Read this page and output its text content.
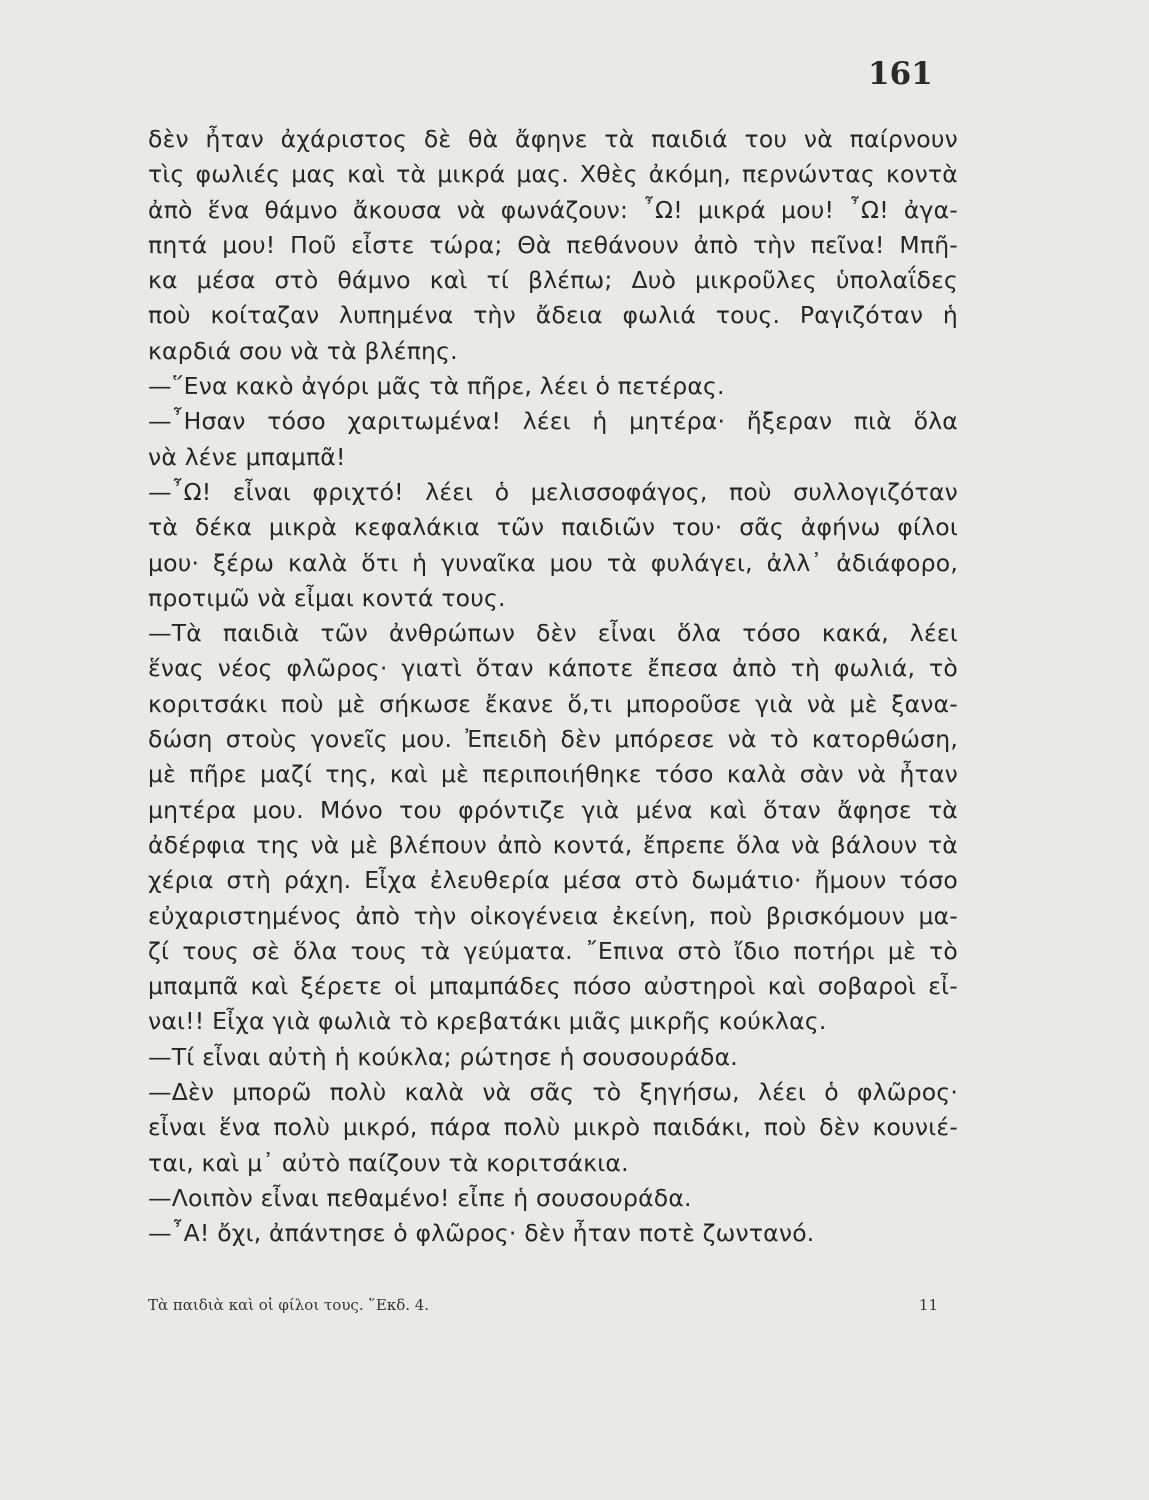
161
δὲν ἦταν ἀχάριστος δὲ θὰ ἄφηνε τὰ παιδιά του νὰ παίρνουν
τὶς φωλιές μας καὶ τὰ μικρά μας. Χθὲς ἀκόμη, περνώντας κοντὰ
ἀπὸ ἕνα θάμνο ἄκουσα νὰ φωνάζουν: ῏Ω! μικρά μου! ῏Ω! ἀγα-
πητά μου! Ποῦ εἶστε τώρα; Θὰ πεθάνουν ἀπὸ τὴν πεῖνα! Μπῆ-
κα μέσα στὸ θάμνο καὶ τί βλέπω; Δυὸ μικροῦλες ὑπολαΐδες
ποὺ κοίταζαν λυπημένα τὴν ἄδεια φωλιά τους. Ραγιζόταν ἡ
καρδιά σου νὰ τὰ βλέπης.
—῞Ενα κακὸ ἀγόρι μᾶς τὰ πῆρε, λέει ὁ πετέρας.
—῏Ησαν τόσο χαριτωμένα! λέει ἡ μητέρα· ἤξεραν πιὰ ὅλα
νὰ λένε μπαμπᾶ!
—῏Ω! εἶναι φριχτό! λέει ὁ μελισσοφάγος, ποὺ συλλογιζόταν
τὰ δέκα μικρὰ κεφαλάκια τῶν παιδιῶν του· σᾶς ἀφήνω φίλοι
μου· ξέρω καλὰ ὅτι ἡ γυναῖκα μου τὰ φυλάγει, ἀλλ᾿ ἀδιάφορο,
προτιμῶ νὰ εἶμαι κοντά τους.
—Τὰ παιδιὰ τῶν ἀνθρώπων δὲν εἶναι ὅλα τόσο κακά, λέει
ἕνας νέος φλῶρος· γιατὶ ὅταν κάποτε ἔπεσα ἀπὸ τὴ φωλιά, τὸ
κοριτσάκι ποὺ μὲ σήκωσε ἔκανε ὅ,τι μποροῦσε γιὰ νὰ μὲ ξανα-
δώση στοὺς γονεῖς μου. Ἐπειδὴ δὲν μπόρεσε νὰ τὸ κατορθώση,
μὲ πῆρε μαζί της, καὶ μὲ περιποιήθηκε τόσο καλὰ σὰν νὰ ἦταν
μητέρα μου. Μόνο του φρόντιζε γιὰ μένα καὶ ὅταν ἄφησε τὰ
ἀδέρφια της νὰ μὲ βλέπουν ἀπὸ κοντά, ἔπρεπε ὅλα νὰ βάλουν τὰ
χέρια στὴ ράχη. Εἶχα ἐλευθερία μέσα στὸ δωμάτιο· ἤμουν τόσο
εὐχαριστημένος ἀπὸ τὴν οἰκογένεια ἐκείνη, ποὺ βρισκόμουν μα-
ζί τους σὲ ὅλα τους τὰ γεύματα. ῎Επινα στὸ ἴδιο ποτήρι μὲ τὸ
μπαμπᾶ καὶ ξέρετε οἱ μπαμπάδες πόσο αὐστηροὶ καὶ σοβαροὶ εἶ-
ναι!! Εἶχα γιὰ φωλιὰ τὸ κρεβατάκι μιᾶς μικρῆς κούκλας.
—Τί εἶναι αὐτὴ ἡ κούκλα; ρώτησε ἡ σουσουράδα.
—Δὲν μπορῶ πολὺ καλὰ νὰ σᾶς τὸ ξηγήσω, λέει ὁ φλῶρος·
εἶναι ἕνα πολὺ μικρό, πάρα πολὺ μικρὸ παιδάκι, ποὺ δὲν κουνιέ-
ται, καὶ μ᾿ αὐτὸ παίζουν τὰ κοριτσάκια.
—Λοιπὸν εἶναι πεθαμένο! εἶπε ἡ σουσουράδα.
—῏Α! ὄχι, ἀπάντησε ὁ φλῶρος· δὲν ἦταν ποτὲ ζωντανό.
Τὰ παιδιὰ καὶ οἱ φίλοι τους. ῞Εκδ. 4.	11
